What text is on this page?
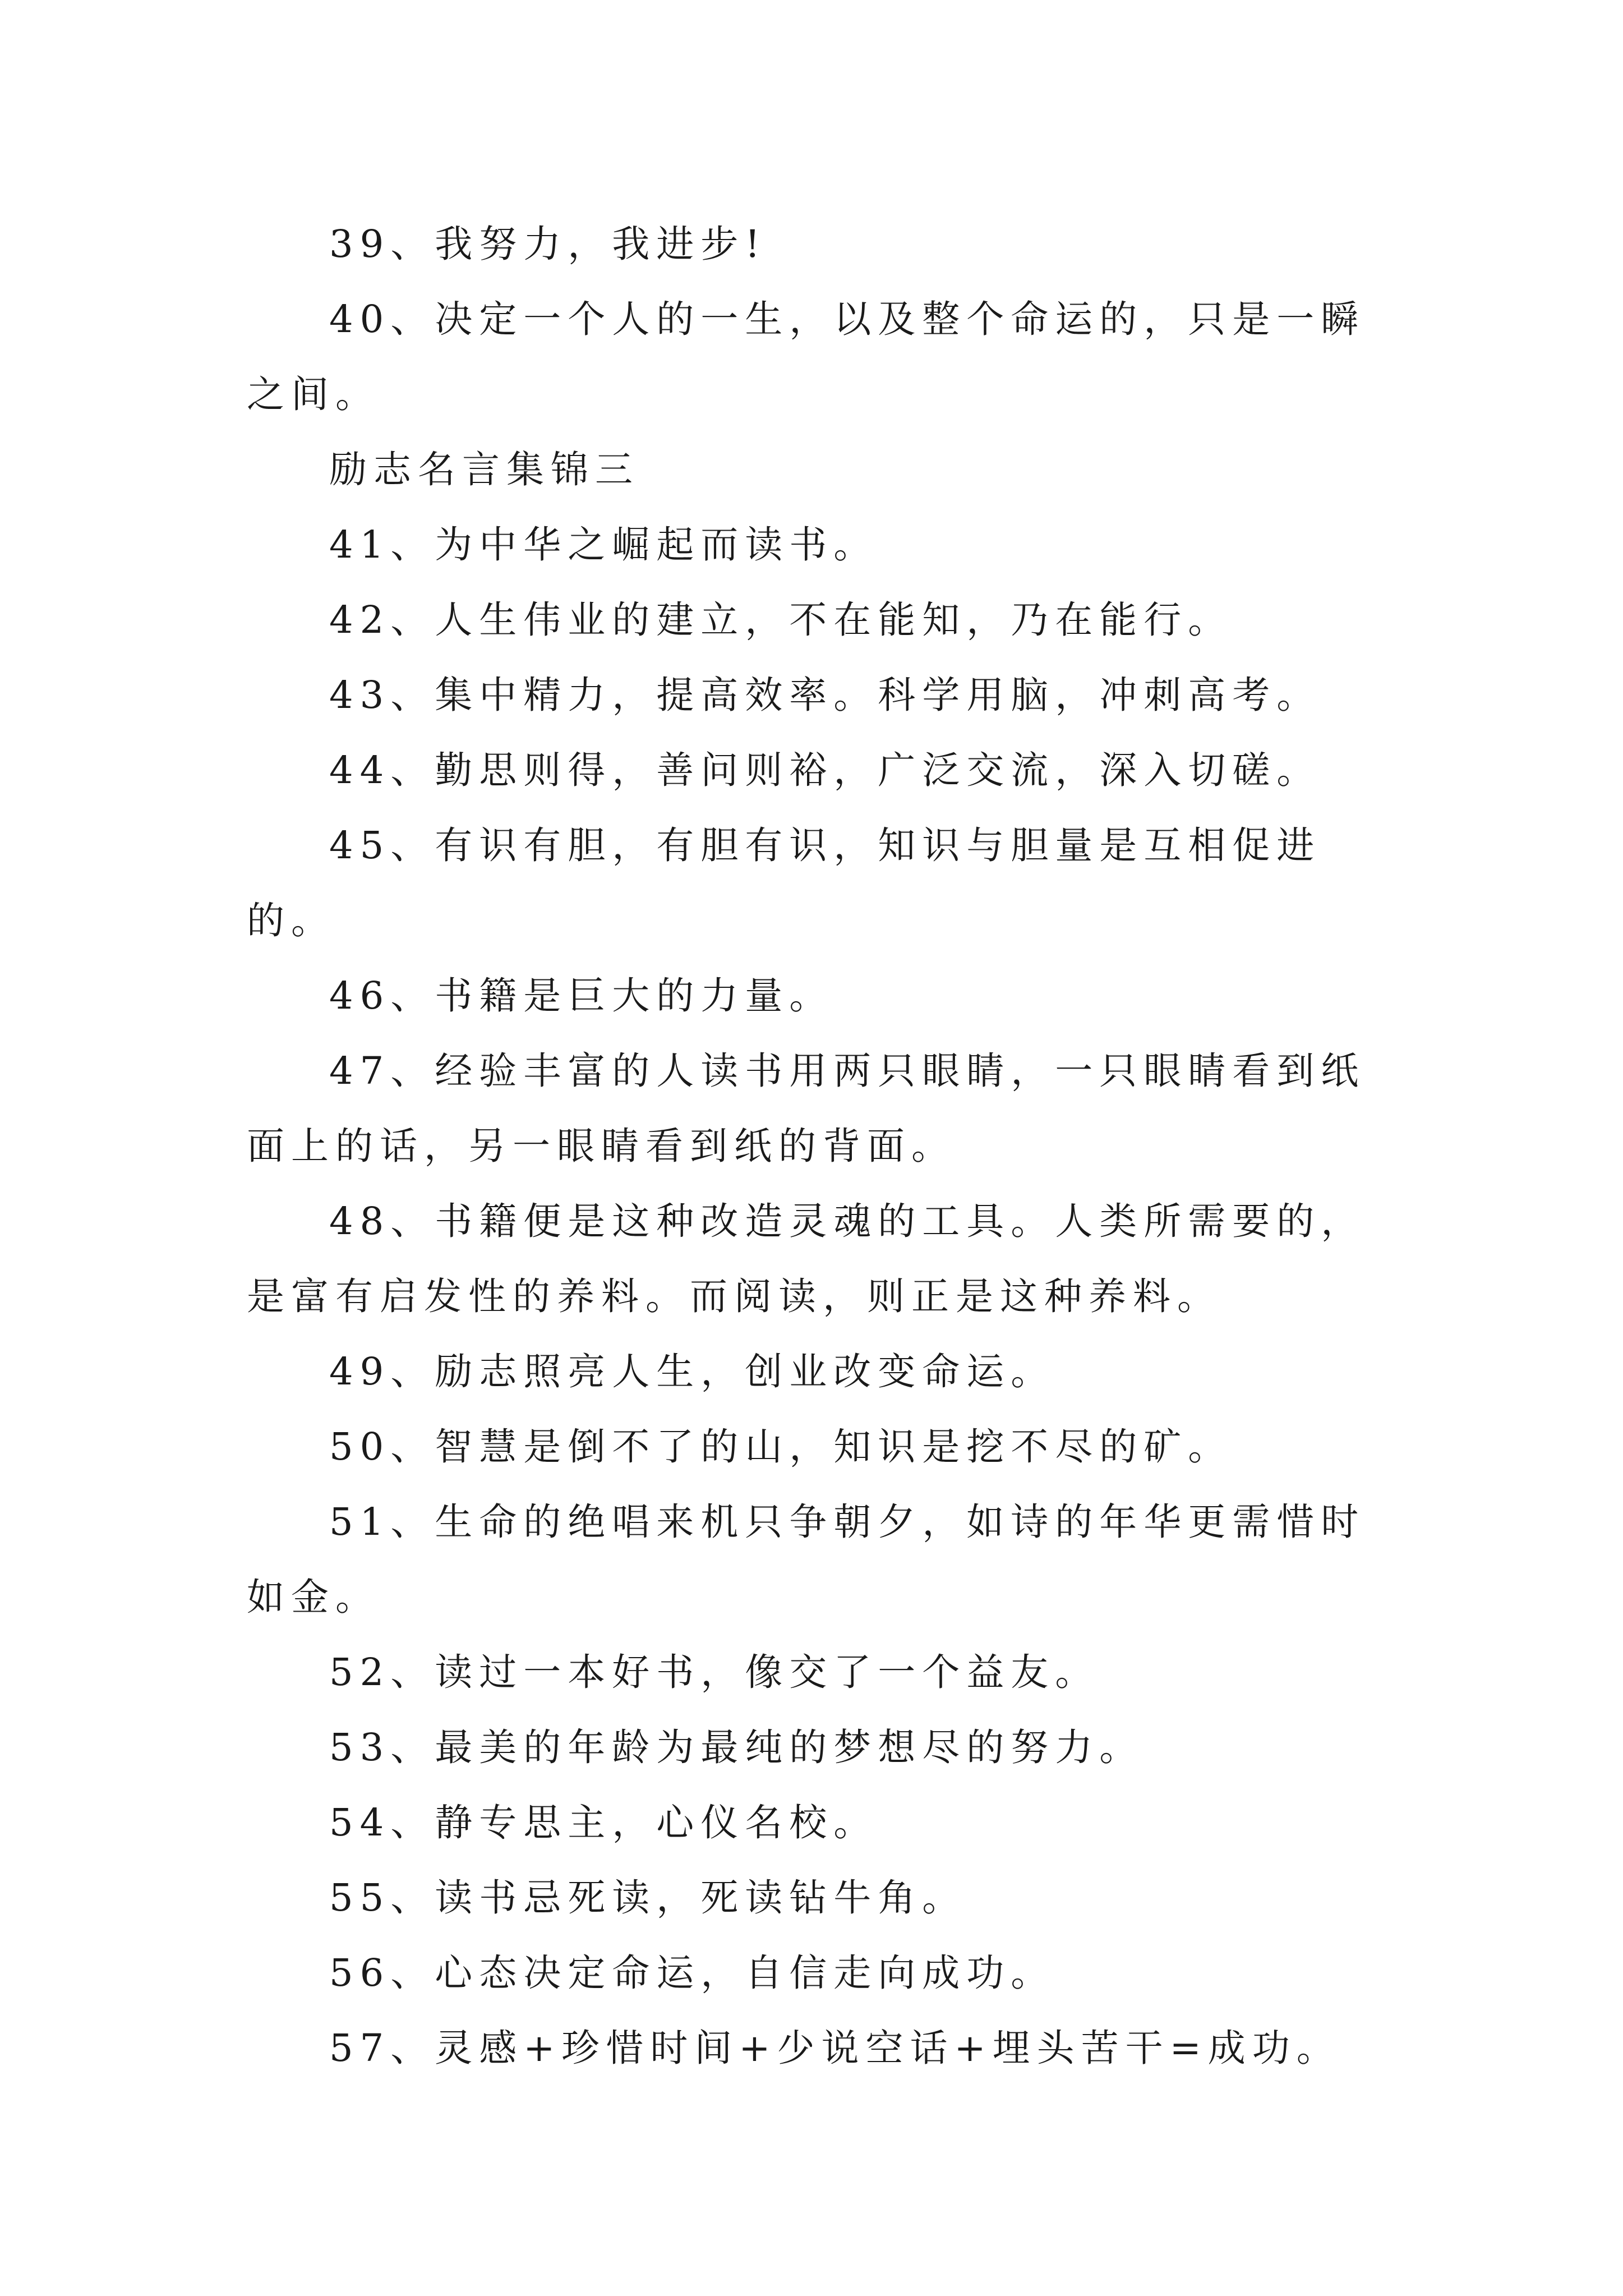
39、我努力，我进步!

40、决定一个人的一生，以及整个命运的，只是一瞬之间。

励志名言集锦三

41、为中华之崛起而读书。

42、人生伟业的建立，不在能知，乃在能行。

43、集中精力，提高效率。科学用脑，冲刺高考。

44、勤思则得，善问则裕，广泛交流，深入切磋。

45、有识有胆，有胆有识，知识与胆量是互相促进的。

46、书籍是巨大的力量。

47、经验丰富的人读书用两只眼睛，一只眼睛看到纸面上的话，另一眼睛看到纸的背面。

48、书籍便是这种改造灵魂的工具。人类所需要的，是富有启发性的养料。而阅读，则正是这种养料。

49、励志照亮人生，创业改变命运。

50、智慧是倒不了的山，知识是挖不尽的矿。

51、生命的绝唱来机只争朝夕，如诗的年华更需惜时如金。

52、读过一本好书，像交了一个益友。

53、最美的年龄为最纯的梦想尽的努力。

54、静专思主，心仪名校。

55、读书忌死读，死读钻牛角。

56、心态决定命运，自信走向成功。

57、灵感+珍惜时间+少说空话+埋头苦干=成功。
